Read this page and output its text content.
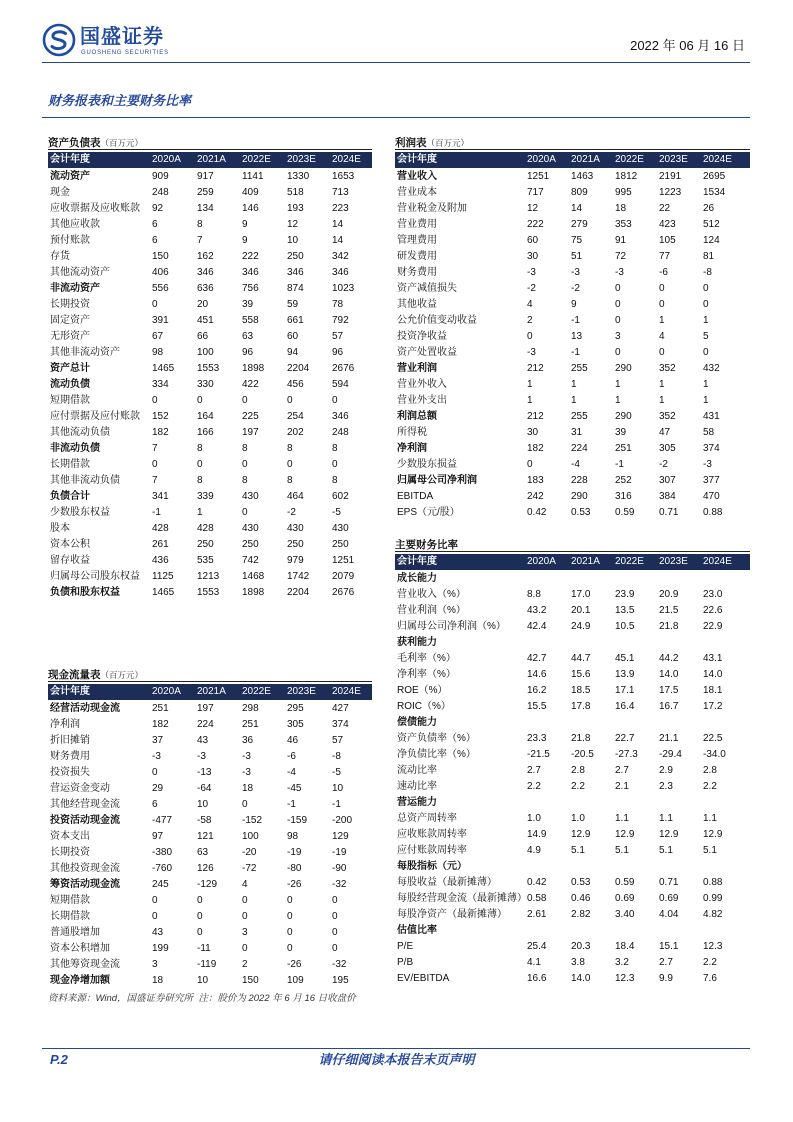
国盛证券
GUOSHENG SECURITIES	2022 年 06 月 16 日
财务报表和主要财务比率
资产负债表（百万元）
会计年度	2020A	2021A	2022E	2023E	2024E
流动资产	909	917	1141	1330	1653
现金	248	259	409	518	713
应收票据及应收账款	92	134	146	193	223
其他应收款	6	8	9	12	14
预付账款	6	7	9	10	14
存货	150	162	222	250	342
其他流动资产	406	346	346	346	346
非流动资产	556	636	756	874	1023
长期投资	0	20	39	59	78
固定资产	391	451	558	661	792
无形资产	67	66	63	60	57
其他非流动资产	98	100	96	94	96
资产总计	1465	1553	1898	2204	2676
流动负债	334	330	422	456	594
短期借款	0	0	0	0	0
应付票据及应付账款	152	164	225	254	346
其他流动负债	182	166	197	202	248
非流动负债	7	8	8	8	8
长期借款	0	0	0	0	0
其他非流动负债	7	8	8	8	8
负债合计	341	339	430	464	602
少数股东权益	-1	1	0	-2	-5
股本	428	428	430	430	430
资本公积	261	250	250	250	250
留存收益	436	535	742	979	1251
归属母公司股东权益	1125	1213	1468	1742	2079
负债和股东权益	1465	1553	1898	2204	2676
利润表（百万元）
会计年度	2020A	2021A	2022E	2023E	2024E
营业收入	1251	1463	1812	2191	2695
营业成本	717	809	995	1223	1534
营业税金及附加	12	14	18	22	26
营业费用	222	279	353	423	512
管理费用	60	75	91	105	124
研发费用	30	51	72	77	81
财务费用	-3	-3	-3	-6	-8
资产减值损失	-2	-2	0	0	0
其他收益	4	9	0	0	0
公允价值变动收益	2	-1	0	1	1
投资净收益	0	13	3	4	5
资产处置收益	-3	-1	0	0	0
营业利润	212	255	290	352	432
营业外收入	1	1	1	1	1
营业外支出	1	1	1	1	1
利润总额	212	255	290	352	431
所得税	30	31	39	47	58
净利润	182	224	251	305	374
少数股东损益	0	-4	-1	-2	-3
归属母公司净利润	183	228	252	307	377
EBITDA	242	290	316	384	470
EPS（元/股）	0.42	0.53	0.59	0.71	0.88
主要财务比率
会计年度	2020A	2021A	2022E	2023E	2024E
成长能力
营业收入（%）	8.8	17.0	23.9	20.9	23.0
营业利润（%）	43.2	20.1	13.5	21.5	22.6
归属母公司净利润（%）	42.4	24.9	10.5	21.8	22.9
获利能力
毛利率（%）	42.7	44.7	45.1	44.2	43.1
净利率（%）	14.6	15.6	13.9	14.0	14.0
ROE（%）	16.2	18.5	17.1	17.5	18.1
ROIC（%）	15.5	17.8	16.4	16.7	17.2
偿债能力
资产负债率（%）	23.3	21.8	22.7	21.1	22.5
净负债比率（%）	-21.5	-20.5	-27.3	-29.4	-34.0
流动比率	2.7	2.8	2.7	2.9	2.8
速动比率	2.2	2.2	2.1	2.3	2.2
营运能力
总资产周转率	1.0	1.0	1.1	1.1	1.1
应收账款周转率	14.9	12.9	12.9	12.9	12.9
应付账款周转率	4.9	5.1	5.1	5.1	5.1
每股指标（元）
每股收益（最新摊薄）	0.42	0.53	0.59	0.71	0.88
每股经营现金流（最新摊薄） 0.58	0.46	0.69	0.69	0.99
每股净资产（最新摊薄）	2.61	2.82	3.40	4.04	4.82
估值比率
P/E	25.4	20.3	18.4	15.1	12.3
P/B	4.1	3.8	3.2	2.7	2.2
EV/EBITDA	16.6	14.0	12.3	9.9	7.6
现金流量表（百万元）
会计年度	2020A	2021A	2022E	2023E	2024E
经营活动现金流	251	197	298	295	427
净利润	182	224	251	305	374
折旧摊销	37	43	36	46	57
财务费用	-3	-3	-3	-6	-8
投资损失	0	-13	-3	-4	-5
营运资金变动	29	-64	18	-45	10
其他经营现金流	6	10	0	-1	-1
投资活动现金流	-477	-58	-152	-159	-200
资本支出	97	121	100	98	129
长期投资	-380	63	-20	-19	-19
其他投资现金流	-760	126	-72	-80	-90
筹资活动现金流	245	-129	4	-26	-32
短期借款	0	0	0	0	0
长期借款	0	0	0	0	0
普通股增加	43	0	3	0	0
资本公积增加	199	-11	0	0	0
其他筹资现金流	3	-119	2	-26	-32
现金净增加额	18	10	150	109	195
资料来源：Wind，国盛证券研究所  注：股价为 2022 年 6 月 16 日收盘价
P.2	请仔细阅读本报告末页声明
